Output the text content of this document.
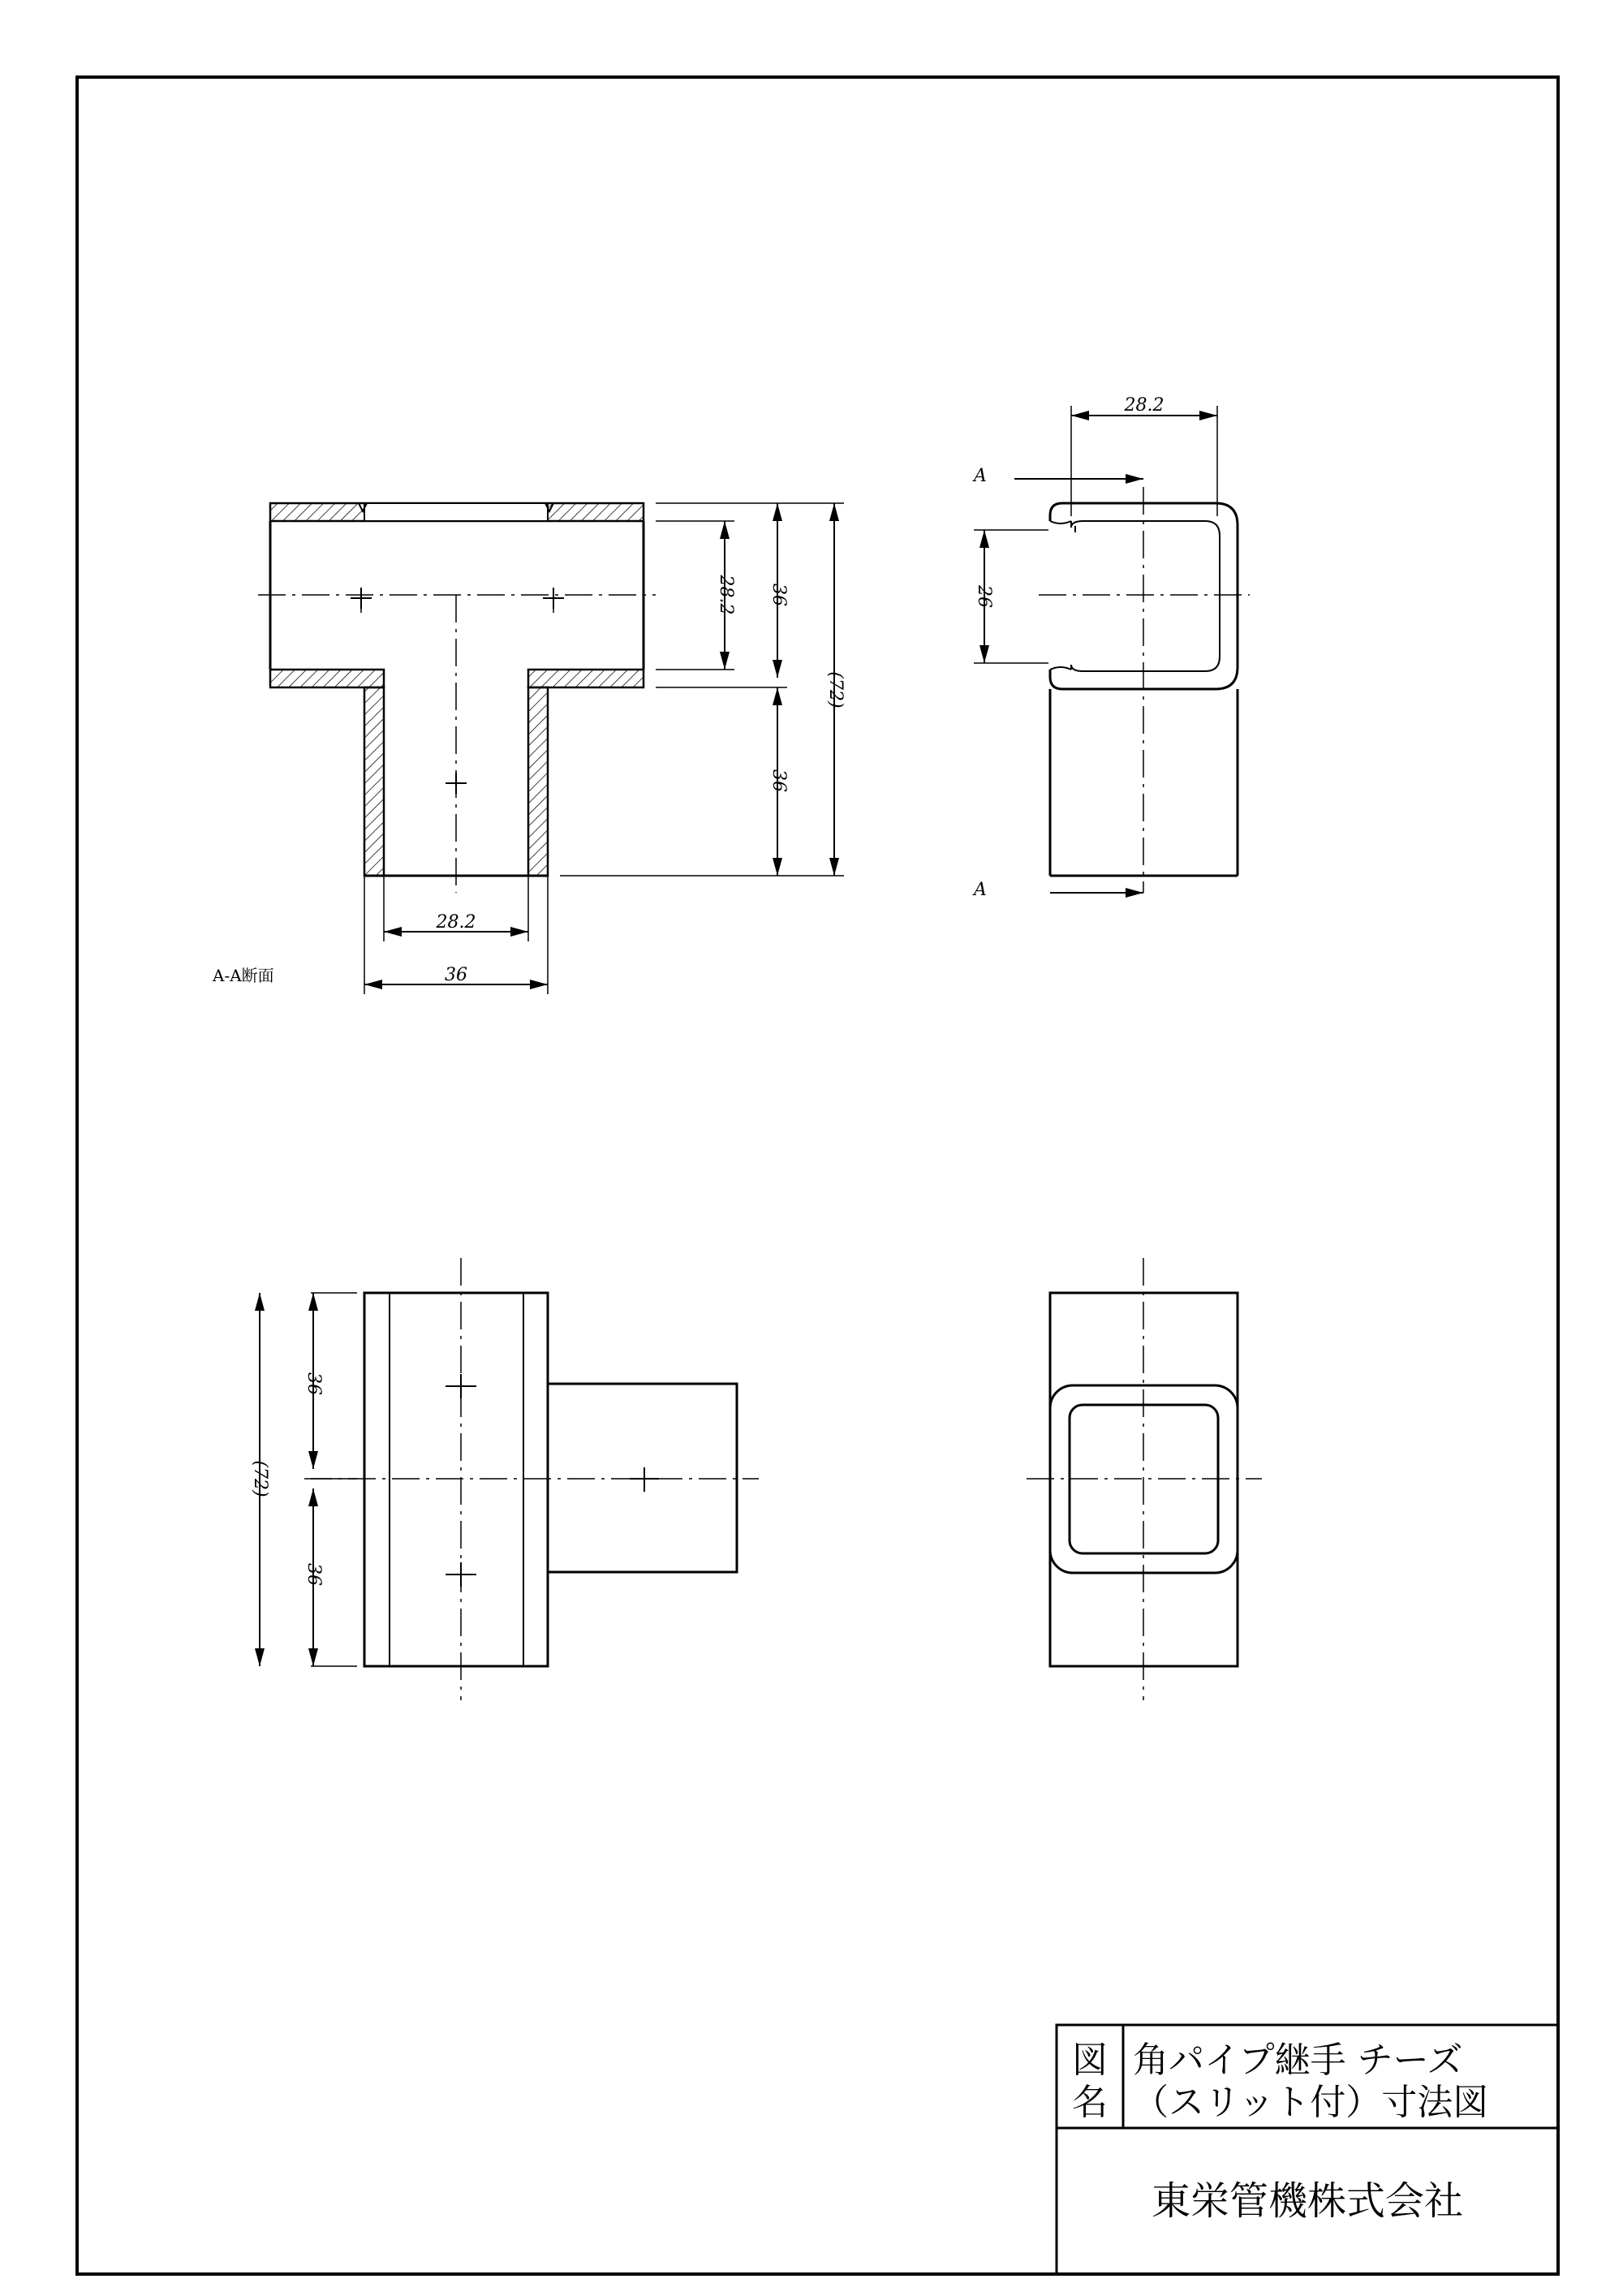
28.2
36
28.2 36
36
(72)
A-A断面
28.2
26
A
A
36
36
(72)
図
名
角パイプ継手 チーズ
（スリット付）寸法図
東栄管機株式会社
